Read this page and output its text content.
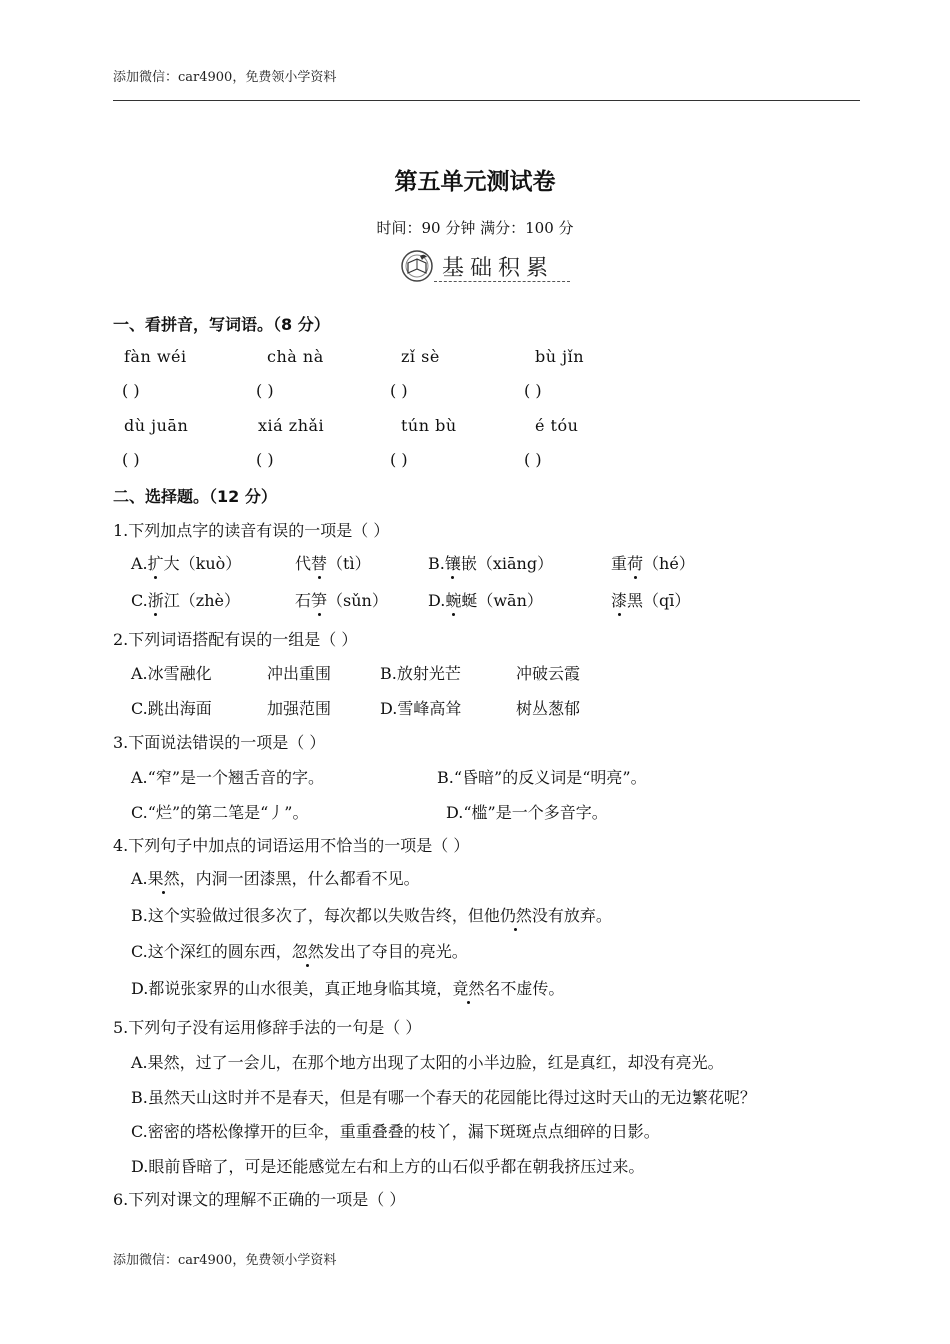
添加微信：car4900，免费领小学资料
第五单元测试卷
时间：90 分钟 满分：100 分
基础积累
一、看拼音，写词语。（8 分）
fàn wéi	chà nà	zǐ sè	bù jǐn
( )	( )	( )	( )
dù juān	xiá zhǎi	tún bù	é tóu
( )	( )	( )	( )
二、选择题。（12 分）
1.下列加点字的读音有误的一项是（ ）
A.扩大（kuò）	代替（tì）	B.镶嵌（xiāng）	重荷（hé）
C.浙江（zhè）	石笋（sǔn）	D.蜿蜒（wān）	漆黑（qī）
2.下列词语搭配有误的一组是（ ）
A.冰雪融化	冲出重围	B.放射光芒	冲破云霞
C.跳出海面	加强范围	D.雪峰高耸	树丛葱郁
3.下面说法错误的一项是（ ）
A.“窄”是一个翘舌音的字。	B.“昏暗”的反义词是“明亮”。
C.“烂”的第二笔是“丿”。	D.“槛”是一个多音字。
4.下列句子中加点的词语运用不恰当的一项是（ ）
A.果然，内洞一团漆黑，什么都看不见。
B.这个实验做过很多次了，每次都以失败告终，但他仍然没有放弃。
C.这个深红的圆东西，忽然发出了夺目的亮光。
D.都说张家界的山水很美，真正地身临其境，竟然名不虚传。
5.下列句子没有运用修辞手法的一句是（ ）
A.果然，过了一会儿，在那个地方出现了太阳的小半边脸，红是真红，却没有亮光。
B.虽然天山这时并不是春天，但是有哪一个春天的花园能比得过这时天山的无边繁花呢？
C.密密的塔松像撑开的巨伞，重重叠叠的枝丫，漏下斑斑点点细碎的日影。
D.眼前昏暗了，可是还能感觉左右和上方的山石似乎都在朝我挤压过来。
6.下列对课文的理解不正确的一项是（ ）
添加微信：car4900，免费领小学资料
